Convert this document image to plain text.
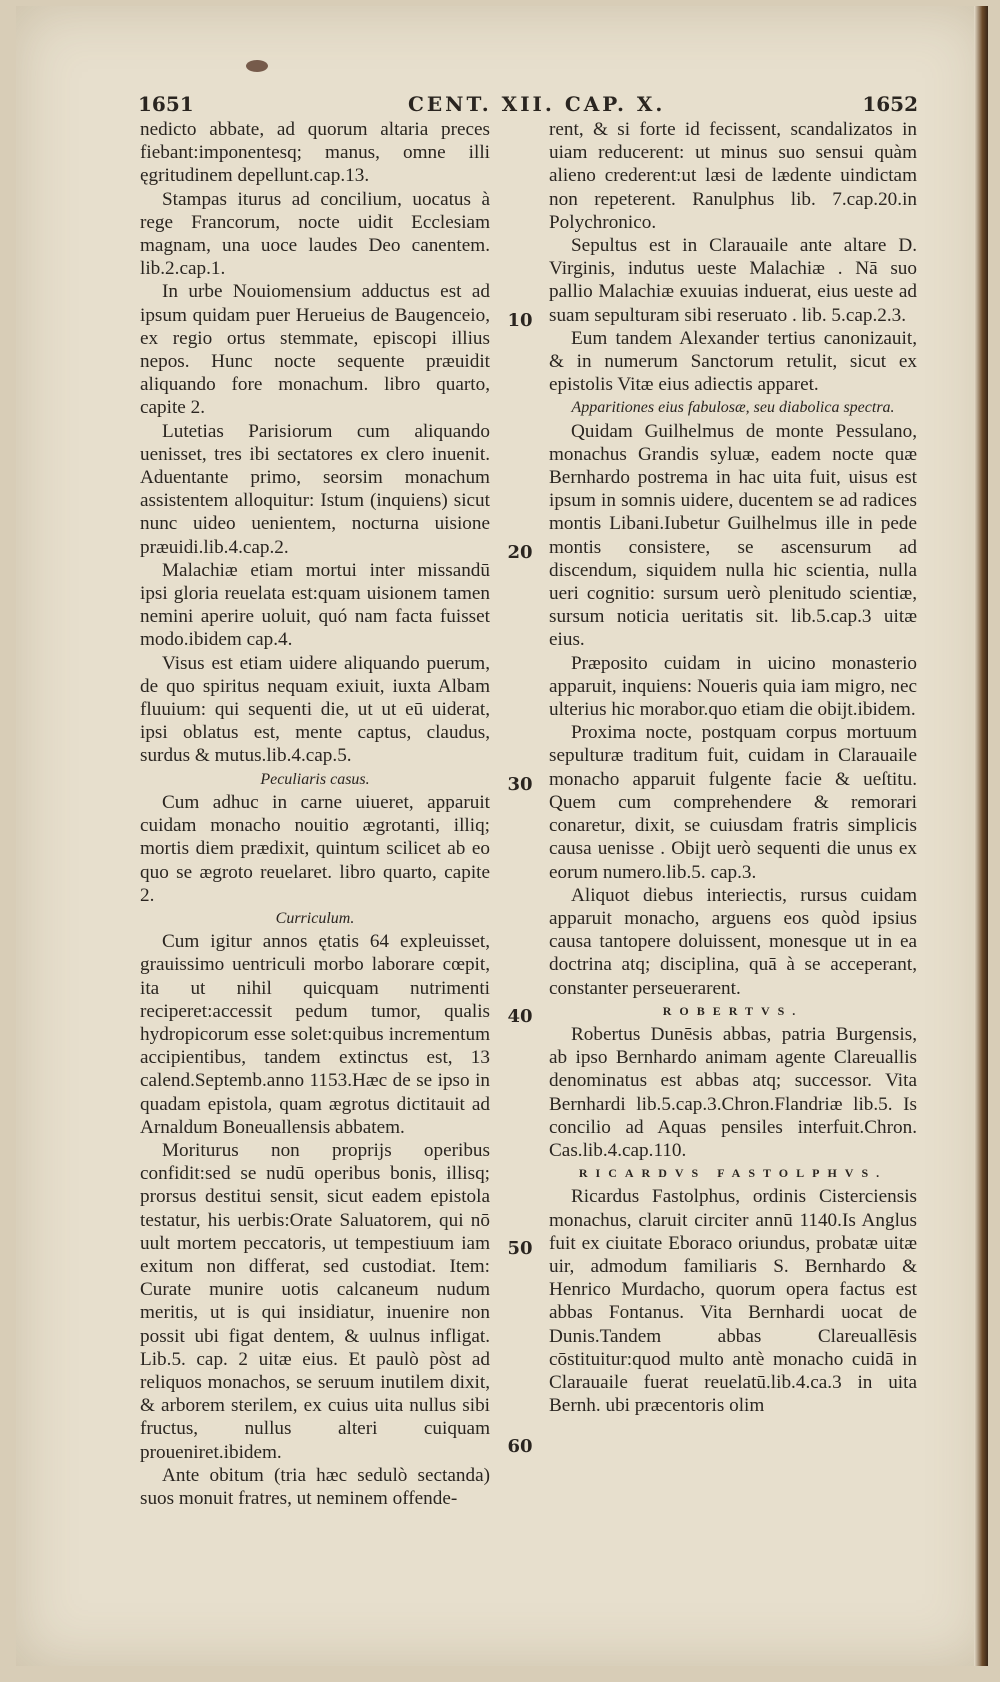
1651	CENT. XII. CAP. X.	1652

nedicto abbate, ad quorum altaria preces fiebant:imponentesq; manus, omne illi ęgritudinem depellunt.cap.13.

Stampas iturus ad concilium, uocatus à rege Francorum, nocte uidit Ecclesiam magnam, una uoce laudes Deo canentem. lib.2.cap.1.

In urbe Nouiomensium adductus est ad ipsum quidam puer Herueius de Baugenceio, ex regio ortus stemmate, episcopi illius nepos. Hunc nocte sequente præuidit aliquando fore monachum. libro quarto, capite 2.

Lutetias Parisiorum cum aliquando uenisset, tres ibi sectatores ex clero inuenit. Aduentante primo, seorsim monachum assistentem alloquitur: Istum (inquiens) sicut nunc uideo uenientem, nocturna uisione præuidi.lib.4.cap.2.

Malachiæ etiam mortui inter missandū ipsi gloria reuelata est:quam uisionem tamen nemini aperire uoluit, quó nam facta fuisset modo.ibidem cap.4.

Visus est etiam uidere aliquando puerum, de quo spiritus nequam exiuit, iuxta Albam fluuium: qui sequenti die, ut ut eū uiderat, ipsi oblatus est, mente captus, claudus, surdus & mutus.lib.4.cap.5.

Peculiaris casus.

Cum adhuc in carne uiueret, apparuit cuidam monacho nouitio ægrotanti, illiq; mortis diem prædixit, quintum scilicet ab eo quo se ægroto reuelaret. libro quarto, capite 2.

Curriculum.

Cum igitur annos ętatis 64 expleuisset, grauissimo uentriculi morbo laborare cœpit, ita ut nihil quicquam nutrimenti reciperet:accessit pedum tumor, qualis hydropicorum esse solet:quibus incrementum accipientibus, tandem extinctus est, 13 calend.Septemb.anno 1153.Hæc de se ipso in quadam epistola, quam ægrotus dictitauit ad Arnaldum Boneuallensis abbatem.

Moriturus non proprijs operibus confidit:sed se nudū operibus bonis, illisq; prorsus destitui sensit, sicut eadem epistola testatur, his uerbis:Orate Saluatorem, qui nō uult mortem peccatoris, ut tempestiuum iam exitum non differat, sed custodiat. Item: Curate munire uotis calcaneum nudum meritis, ut is qui insidiatur, inuenire non possit ubi figat dentem, & uulnus infligat. Lib.5. cap. 2 uitæ eius. Et paulò pòst ad reliquos monachos, se seruum inutilem dixit, & arborem sterilem, ex cuius uita nullus sibi fructus, nullus alteri cuiquam proueniret.ibidem.

Ante obitum (tria hæc sedulò sectanda) suos monuit fratres, ut neminem offende-

10
20
30
40
50
60

rent, & si forte id fecissent, scandalizatos in uiam reducerent: ut minus suo sensui quàm alieno crederent:ut læsi de lædente uindictam non repeterent. Ranulphus lib. 7.cap.20.in Polychronico.

Sepultus est in Clarauaile ante altare D. Virginis, indutus ueste Malachiæ . Nā suo pallio Malachiæ exuuias induerat, eius ueste ad suam sepulturam sibi reseruato . lib. 5.cap.2.3.

Eum tandem Alexander tertius canonizauit, & in numerum Sanctorum retulit, sicut ex epistolis Vitæ eius adiectis apparet.

Apparitiones eius fabulosæ, seu diabolica spectra.

Quidam Guilhelmus de monte Pessulano, monachus Grandis syluæ, eadem nocte quæ Bernhardo postrema in hac uita fuit, uisus est ipsum in somnis uidere, ducentem se ad radices montis Libani.Iubetur Guilhelmus ille in pede montis consistere, se ascensurum ad discendum, siquidem nulla hic scientia, nulla ueri cognitio: sursum uerò plenitudo scientiæ, sursum noticia ueritatis sit. lib.5.cap.3 uitæ eius.

Præposito cuidam in uicino monasterio apparuit, inquiens: Noueris quia iam migro, nec ulterius hic morabor.quo etiam die obijt.ibidem.

Proxima nocte, postquam corpus mortuum sepulturæ traditum fuit, cuidam in Clarauaile monacho apparuit fulgente facie & ueſtitu. Quem cum comprehendere & remorari conaretur, dixit, se cuiusdam fratris simplicis causa uenisse . Obijt uerò sequenti die unus ex eorum numero.lib.5. cap.3.

Aliquot diebus interiectis, rursus cuidam apparuit monacho, arguens eos quòd ipsius causa tantopere doluissent, monesque ut in ea doctrina atq; disciplina, quā à se acceperant, constanter perseuerarent.

ROBERTVS.

Robertus Dunēsis abbas, patria Burgensis, ab ipso Bernhardo animam agente Clareuallis denominatus est abbas atq; successor. Vita Bernhardi lib.5.cap.3.Chron.Flandriæ lib.5. Is concilio ad Aquas pensiles interfuit.Chron. Cas.lib.4.cap.110.

RICARDVS FASTOLPHVS.

Ricardus Fastolphus, ordinis Cisterciensis monachus, claruit circiter annū 1140.Is Anglus fuit ex ciuitate Eboraco oriundus, probatæ uitæ uir, admodum familiaris S. Bernhardo & Henrico Murdacho, quorum opera factus est abbas Fontanus. Vita Bernhardi uocat de Dunis.Tandem abbas Clareuallēsis cōstituitur:quod multo antè monacho cuidā in Clarauaile fuerat reuelatū.lib.4.ca.3 in uita Bernh. ubi præcentoris olim
